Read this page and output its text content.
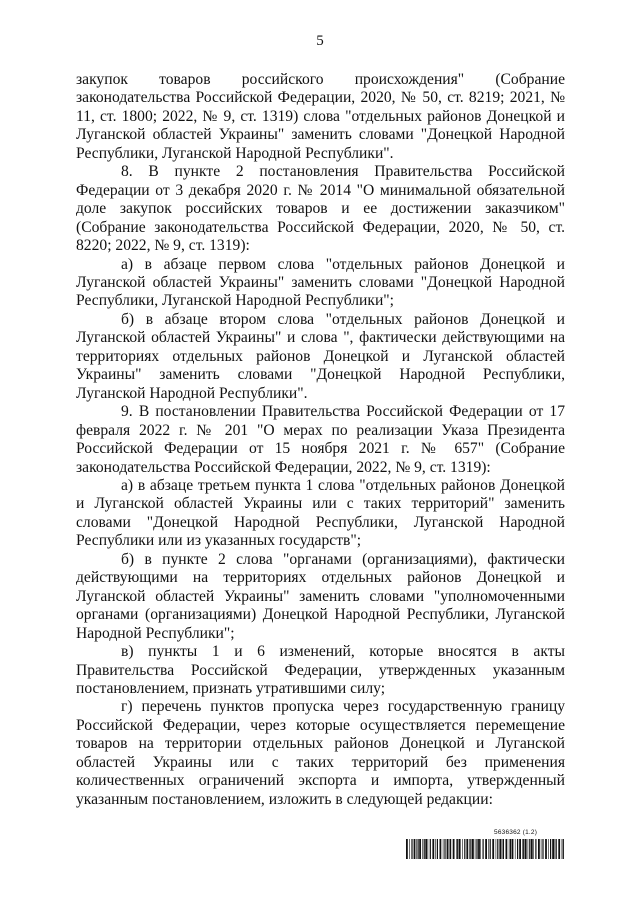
5

закупок товаров российского происхождения" (Собрание законодательства Российской Федерации, 2020, № 50, ст. 8219; 2021, № 11, ст. 1800; 2022, № 9, ст. 1319) слова "отдельных районов Донецкой и Луганской областей Украины" заменить словами "Донецкой Народной Республики, Луганской Народной Республики".

8. В пункте 2 постановления Правительства Российской Федерации от 3 декабря 2020 г. № 2014 "О минимальной обязательной доле закупок российских товаров и ее достижении заказчиком" (Собрание законодательства Российской Федерации, 2020, № 50, ст. 8220; 2022, № 9, ст. 1319):

а) в абзаце первом слова "отдельных районов Донецкой и Луганской областей Украины" заменить словами "Донецкой Народной Республики, Луганской Народной Республики";

б) в абзаце втором слова "отдельных районов Донецкой и Луганской областей Украины" и слова ", фактически действующими на территориях отдельных районов Донецкой и Луганской областей Украины" заменить словами "Донецкой Народной Республики, Луганской Народной Республики".

9. В постановлении Правительства Российской Федерации от 17 февраля 2022 г. № 201 "О мерах по реализации Указа Президента Российской Федерации от 15 ноября 2021 г. № 657" (Собрание законодательства Российской Федерации, 2022, № 9, ст. 1319):

а) в абзаце третьем пункта 1 слова "отдельных районов Донецкой и Луганской областей Украины или с таких территорий" заменить словами "Донецкой Народной Республики, Луганской Народной Республики или из указанных государств";

б) в пункте 2 слова "органами (организациями), фактически действующими на территориях отдельных районов Донецкой и Луганской областей Украины" заменить словами "уполномоченными органами (организациями) Донецкой Народной Республики, Луганской Народной Республики";

в) пункты 1 и 6 изменений, которые вносятся в акты Правительства Российской Федерации, утвержденных указанным постановлением, признать утратившими силу;

г) перечень пунктов пропуска через государственную границу Российской Федерации, через которые осуществляется перемещение товаров на территории отдельных районов Донецкой и Луганской областей Украины или с таких территорий без применения количественных ограничений экспорта и импорта, утвержденный указанным постановлением, изложить в следующей редакции:

5636362 (1.2)
